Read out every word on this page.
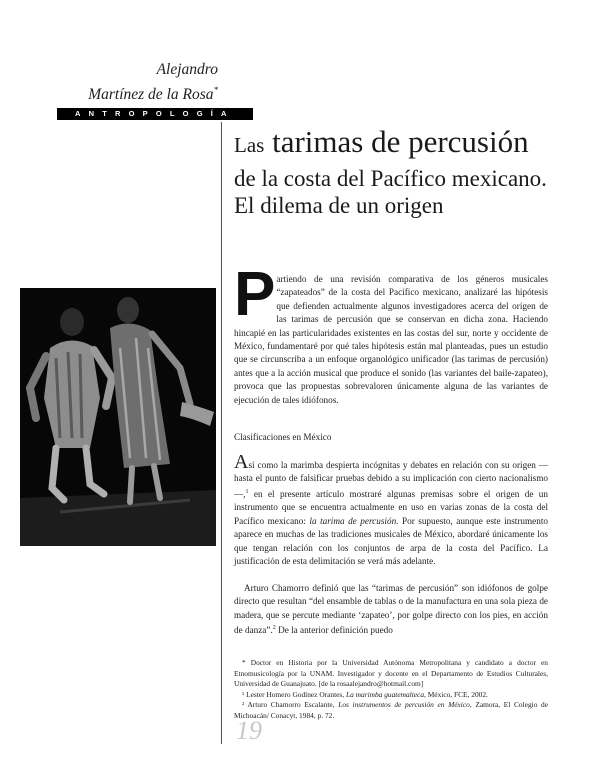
Alejandro
Martínez de la Rosa*
ANTROPOLOGÍA
Las tarimas de percusión
de la costa del Pacífico mexicano.
El dilema de un origen
P artiendo de una revisión comparativa de los géneros musicales “zapateados” de la costa del Pacífico mexicano, analizaré las hipótesis que defienden actualmente algunos investigadores acerca del origen de las tarimas de percusión que se conservan en dicha zona. Haciendo hincapié en las particularidades existentes en las costas del sur, norte y occidente de México, fundamentaré por qué tales hipótesis están mal planteadas, pues un estudio que se circunscriba a un enfoque organológico unificador (las tarimas de percusión) antes que a la acción musical que produce el sonido (las variantes del baile-zapateo), provoca que las propuestas sobrevaloren únicamente alguna de las variantes de ejecución de tales idiófonos.

Clasificaciones en México

Así como la marimba despierta incógnitas y debates en relación con su origen —hasta el punto de falsificar pruebas debido a su implicación con cierto nacionalismo—,$^1$ en el presente artículo mostraré algunas premisas sobre el origen de un instrumento que se encuentra actualmente en uso en varias zonas de la costa del Pacífico mexicano: la tarima de percusión. Por supuesto, aunque este instrumento aparece en muchas de las tradiciones musicales de México, abordaré únicamente los que tengan relación con los conjuntos de arpa de la costa del Pacífico. La justificación de esta delimitación se verá más adelante.

Arturo Chamorro definió que las “tarimas de percusión” son idiófonos de golpe directo que resultan “del ensamble de tablas o de la manufactura en una sola pieza de madera, que se percute mediante ‘zapateo’, por golpe directo con los pies, en acción de danza”.$^2$ De la anterior definición puedo

* Doctor en Historia por la Universidad Autónoma Metropolitana y candidato a doctor en Etnomusicología por la UNAM. Investigador y docente en el Departamento de Estudios Culturales, Universidad de Guanajuato. [de la rosaalejandro@hotmail.com]

¹ Lester Homero Godínez Orantes, La marimba guatemalteca, México, FCE, 2002.

² Arturo Chamorro Escalante, Los instrumentos de percusión en México, Zamora, El Colegio de Michoacán/ Conacyt, 1984, p. 72.

19
